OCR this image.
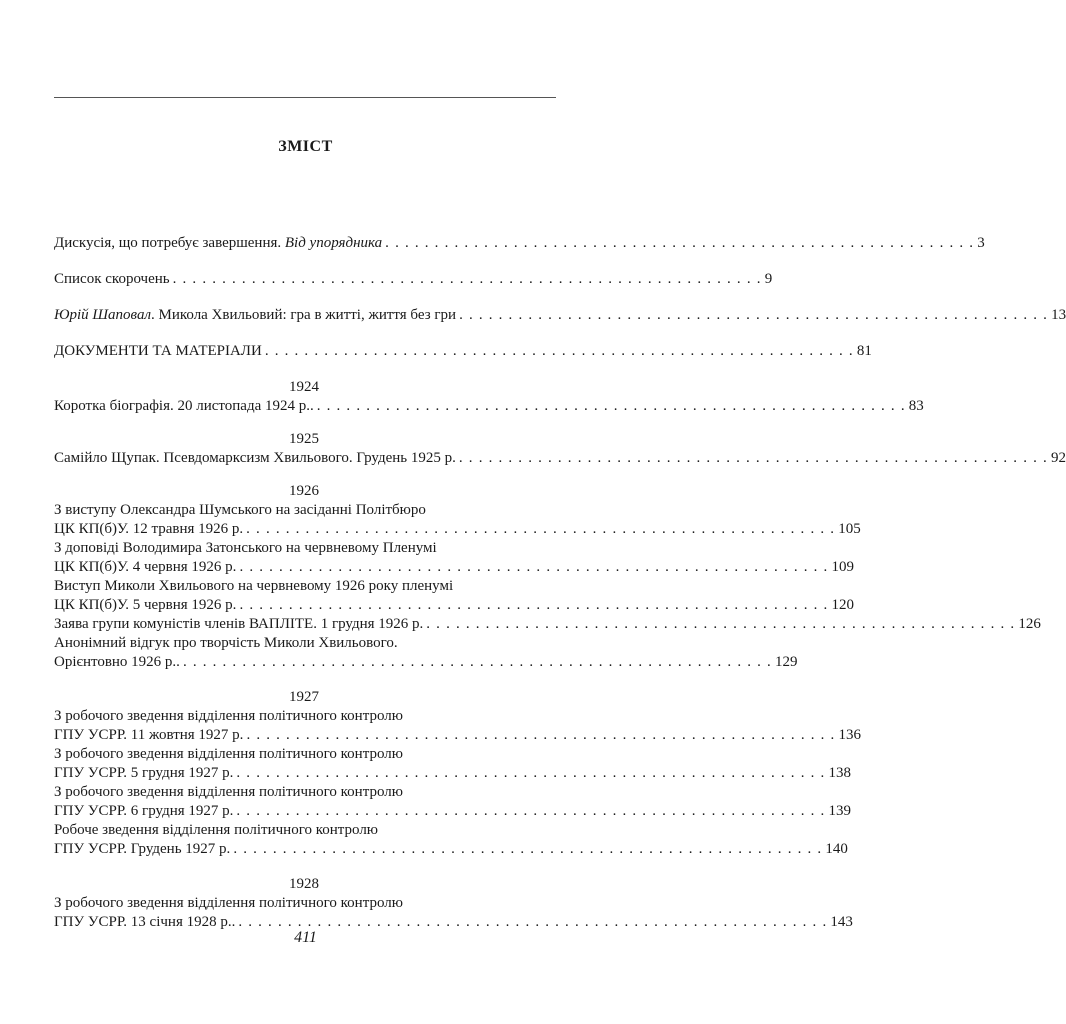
ЗМІСТ
Дискусія, що потребує завершення. Від упорядника . . . . . . . . . . . . . . . . . . . . . . . . . . . . . . . . . . . . . . . . . . . . . . . . . . . . . . . . . . . . 3
Список скорочень . . . . . . . . . . . . . . . . . . . . . . . . . . . . . . . . . . . . . . . . . . . . . . . . . . . . . . . . . . . . 9
Юрій Шаповал. Микола Хвильовий: гра в житті, життя без гри . . . . . . . . . . . . . . . . . . . . . . . . . . . . . . . . . . . . . . . . . . . . . . . . . . . . . . . . . . . . 13
ДОКУМЕНТИ ТА МАТЕРІАЛИ . . . . . . . . . . . . . . . . . . . . . . . . . . . . . . . . . . . . . . . . . . . . . . . . . . . . . . . . . . . . 81
1924
Коротка біографія. 20 листопада 1924 р.. . . . . . . . . . . . . . . . . . . . . . . . . . . . . . . . . . . . . . . . . . . . . . . . . . . . . . . . . . . . . 83
1925
Самійло Щупак. Псевдомарксизм Хвильового. Грудень 1925 р. . . . . . . . . . . . . . . . . . . . . . . . . . . . . . . . . . . . . . . . . . . . . . . . . . . . . . . . . . . . . 92
1926
З виступу Олександра Шумського на засіданні Політбюро
ЦК КП(б)У. 12 травня 1926 р. . . . . . . . . . . . . . . . . . . . . . . . . . . . . . . . . . . . . . . . . . . . . . . . . . . . . . . . . . . . . 105
З доповіді Володимира Затонського на червневому Пленумі
ЦК КП(б)У. 4 червня 1926 р. . . . . . . . . . . . . . . . . . . . . . . . . . . . . . . . . . . . . . . . . . . . . . . . . . . . . . . . . . . . . 109
Виступ Миколи Хвильового на червневому 1926 року пленумі
ЦК КП(б)У. 5 червня 1926 р. . . . . . . . . . . . . . . . . . . . . . . . . . . . . . . . . . . . . . . . . . . . . . . . . . . . . . . . . . . . . 120
Заява групи комуністів членів ВАПЛІТЕ. 1 грудня 1926 р. . . . . . . . . . . . . . . . . . . . . . . . . . . . . . . . . . . . . . . . . . . . . . . . . . . . . . . . . . . . . 126
Анонімний відгук про творчість Миколи Хвильового.
Орієнтовно 1926 р.. . . . . . . . . . . . . . . . . . . . . . . . . . . . . . . . . . . . . . . . . . . . . . . . . . . . . . . . . . . . . 129
1927
З робочого зведення відділення політичного контролю
ГПУ УСРР. 11 жовтня 1927 р. . . . . . . . . . . . . . . . . . . . . . . . . . . . . . . . . . . . . . . . . . . . . . . . . . . . . . . . . . . . . 136
З робочого зведення відділення політичного контролю
ГПУ УСРР. 5 грудня 1927 р. . . . . . . . . . . . . . . . . . . . . . . . . . . . . . . . . . . . . . . . . . . . . . . . . . . . . . . . . . . . . 138
З робочого зведення відділення політичного контролю
ГПУ УСРР. 6 грудня 1927 р. . . . . . . . . . . . . . . . . . . . . . . . . . . . . . . . . . . . . . . . . . . . . . . . . . . . . . . . . . . . . 139
Робоче зведення відділення політичного контролю
ГПУ УСРР. Грудень 1927 р. . . . . . . . . . . . . . . . . . . . . . . . . . . . . . . . . . . . . . . . . . . . . . . . . . . . . . . . . . . . . 140
1928
З робочого зведення відділення політичного контролю
ГПУ УСРР. 13 січня 1928 р.. . . . . . . . . . . . . . . . . . . . . . . . . . . . . . . . . . . . . . . . . . . . . . . . . . . . . . . . . . . . . 143
411
